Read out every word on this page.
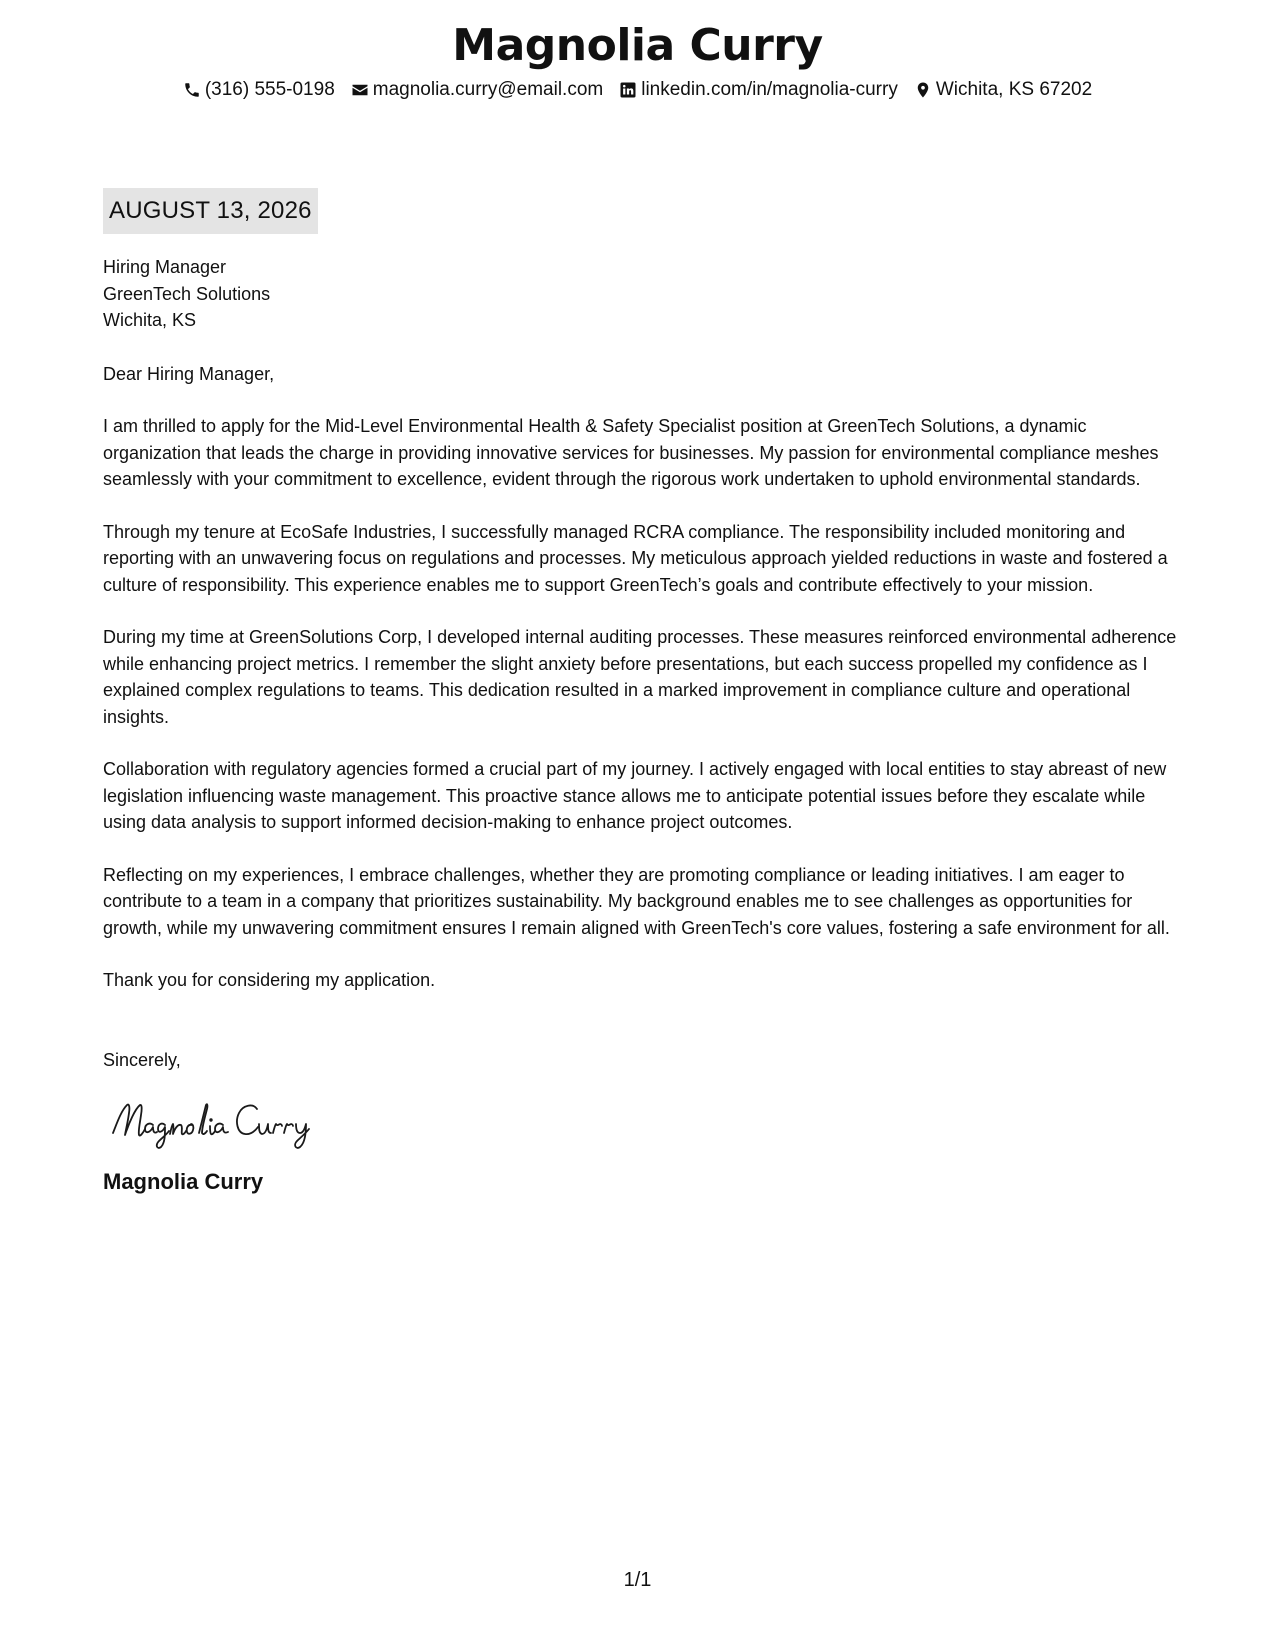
Magnolia Curry
(316) 555-0198 magnolia.curry@email.com linkedin.com/in/magnolia-curry Wichita, KS 67202
AUGUST 13, 2026
Hiring Manager
GreenTech Solutions
Wichita, KS
Dear Hiring Manager,

I am thrilled to apply for the Mid-Level Environmental Health & Safety Specialist position at GreenTech Solutions, a dynamic organization that leads the charge in providing innovative services for businesses. My passion for environmental compliance meshes seamlessly with your commitment to excellence, evident through the rigorous work undertaken to uphold environmental standards.

Through my tenure at EcoSafe Industries, I successfully managed RCRA compliance. The responsibility included monitoring and reporting with an unwavering focus on regulations and processes. My meticulous approach yielded reductions in waste and fostered a culture of responsibility. This experience enables me to support GreenTech’s goals and contribute effectively to your mission.

During my time at GreenSolutions Corp, I developed internal auditing processes. These measures reinforced environmental adherence while enhancing project metrics. I remember the slight anxiety before presentations, but each success propelled my confidence as I explained complex regulations to teams. This dedication resulted in a marked improvement in compliance culture and operational insights.

Collaboration with regulatory agencies formed a crucial part of my journey. I actively engaged with local entities to stay abreast of new legislation influencing waste management. This proactive stance allows me to anticipate potential issues before they escalate while using data analysis to support informed decision-making to enhance project outcomes.

Reflecting on my experiences, I embrace challenges, whether they are promoting compliance or leading initiatives. I am eager to contribute to a team in a company that prioritizes sustainability. My background enables me to see challenges as opportunities for growth, while my unwavering commitment ensures I remain aligned with GreenTech's core values, fostering a safe environment for all.

Thank you for considering my application.
Sincerely,
Magnolia Curry
1/1
